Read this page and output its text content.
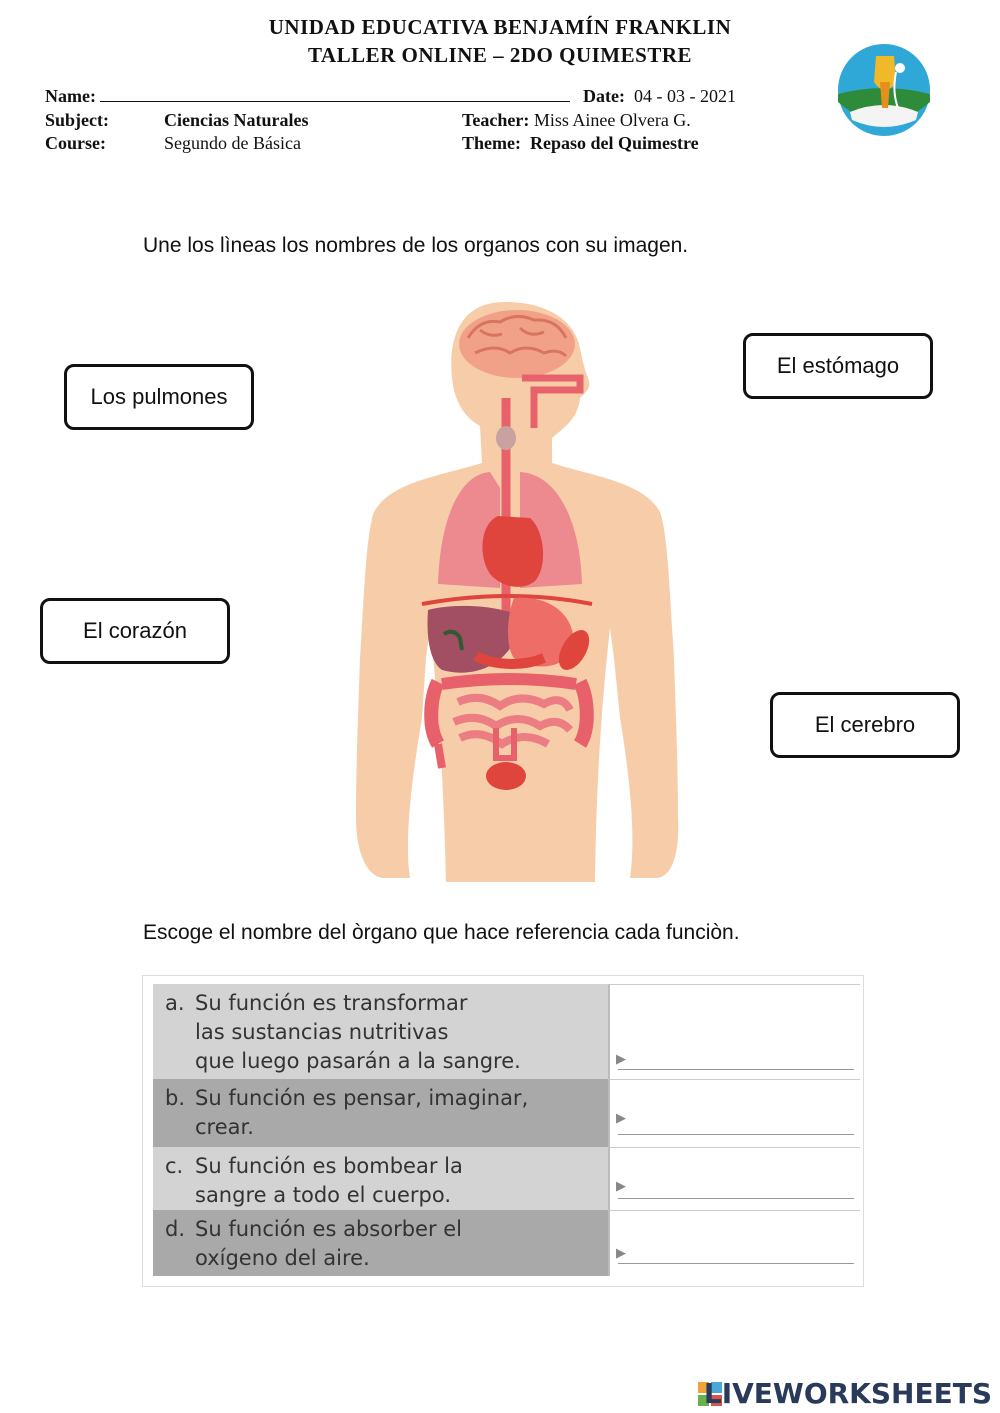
UNIDAD EDUCATIVA BENJAMÍN FRANKLIN
TALLER ONLINE – 2DO QUIMESTRE
Name:	Date: 04 - 03 - 2021
Subject:	Ciencias Naturales	Teacher: Miss Ainee Olvera G.
Course:	Segundo de Básica	Theme: Repaso del Quimestre
Une los lìneas los nombres de los organos con su imagen.
Los pulmones
El estómago
El corazón
El cerebro
Escoge el nombre del òrgano que hace referencia cada funciòn.
a. Su función es transformar
las sustancias nutritivas
que luego pasarán a la sangre.	▶
b. Su función es pensar, imaginar,
crear.	▶
c. Su función es bombear la
sangre a todo el cuerpo.	▶
d. Su función es absorber el
oxígeno del aire.	▶
LIVEWORKSHEETS
